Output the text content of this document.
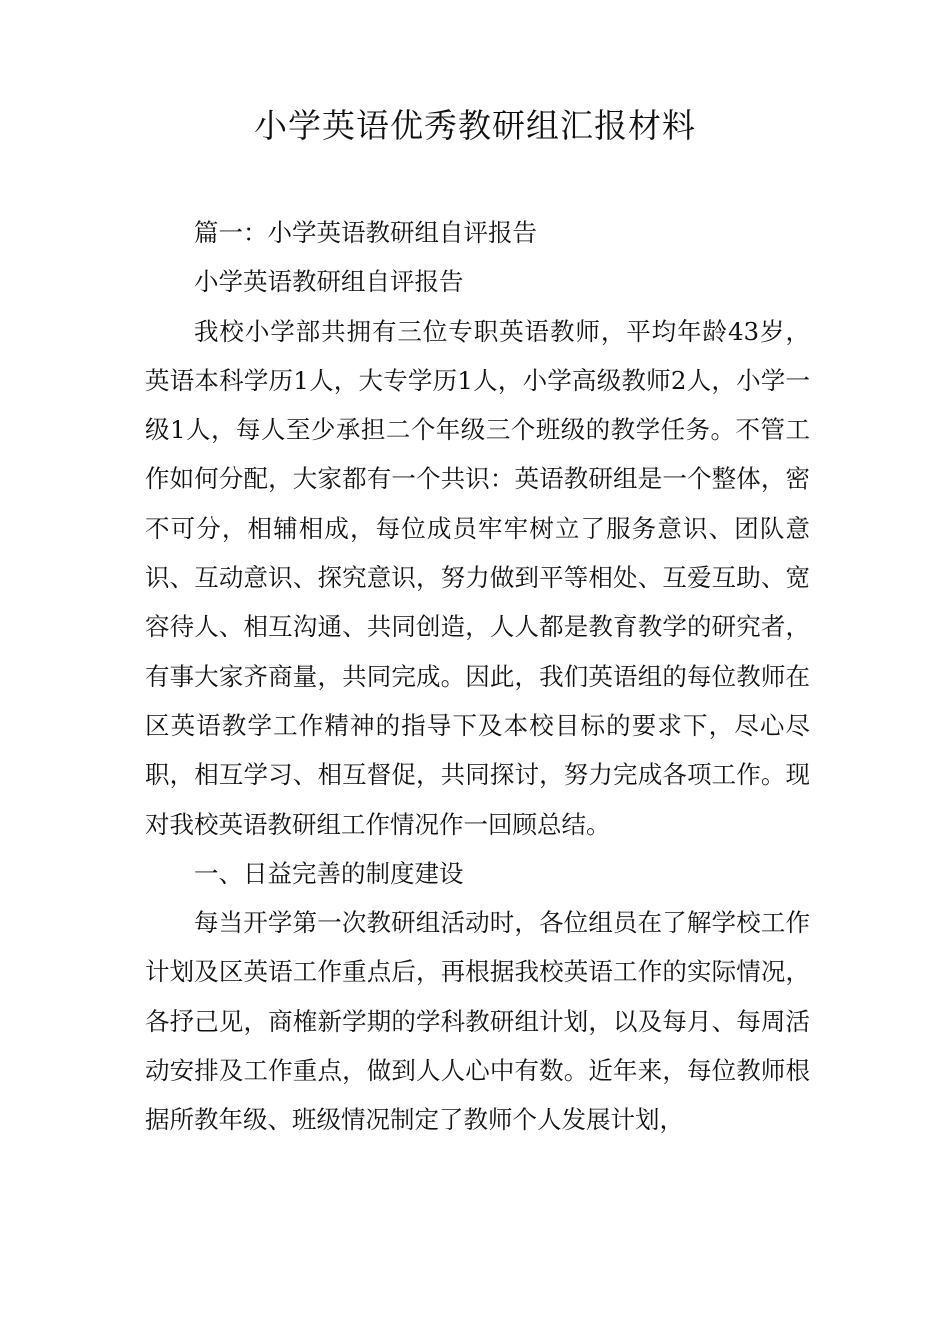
小学英语优秀教研组汇报材料

篇一：小学英语教研组自评报告

小学英语教研组自评报告

我校小学部共拥有三位专职英语教师，平均年龄43岁，英语本科学历1人，大专学历1人，小学高级教师2人，小学一级1人，每人至少承担二个年级三个班级的教学任务。不管工作如何分配，大家都有一个共识：英语教研组是一个整体，密不可分，相辅相成，每位成员牢牢树立了服务意识、团队意识、互动意识、探究意识，努力做到平等相处、互爱互助、宽容待人、相互沟通、共同创造，人人都是教育教学的研究者，有事大家齐商量，共同完成。因此，我们英语组的每位教师在区英语教学工作精神的指导下及本校目标的要求下，尽心尽职，相互学习、相互督促，共同探讨，努力完成各项工作。现对我校英语教研组工作情况作一回顾总结。

一、日益完善的制度建设

每当开学第一次教研组活动时，各位组员在了解学校工作计划及区英语工作重点后，再根据我校英语工作的实际情况，各抒己见，商榷新学期的学科教研组计划，以及每月、每周活动安排及工作重点，做到人人心中有数。近年来，每位教师根据所教年级、班级情况制定了教师个人发展计划，
